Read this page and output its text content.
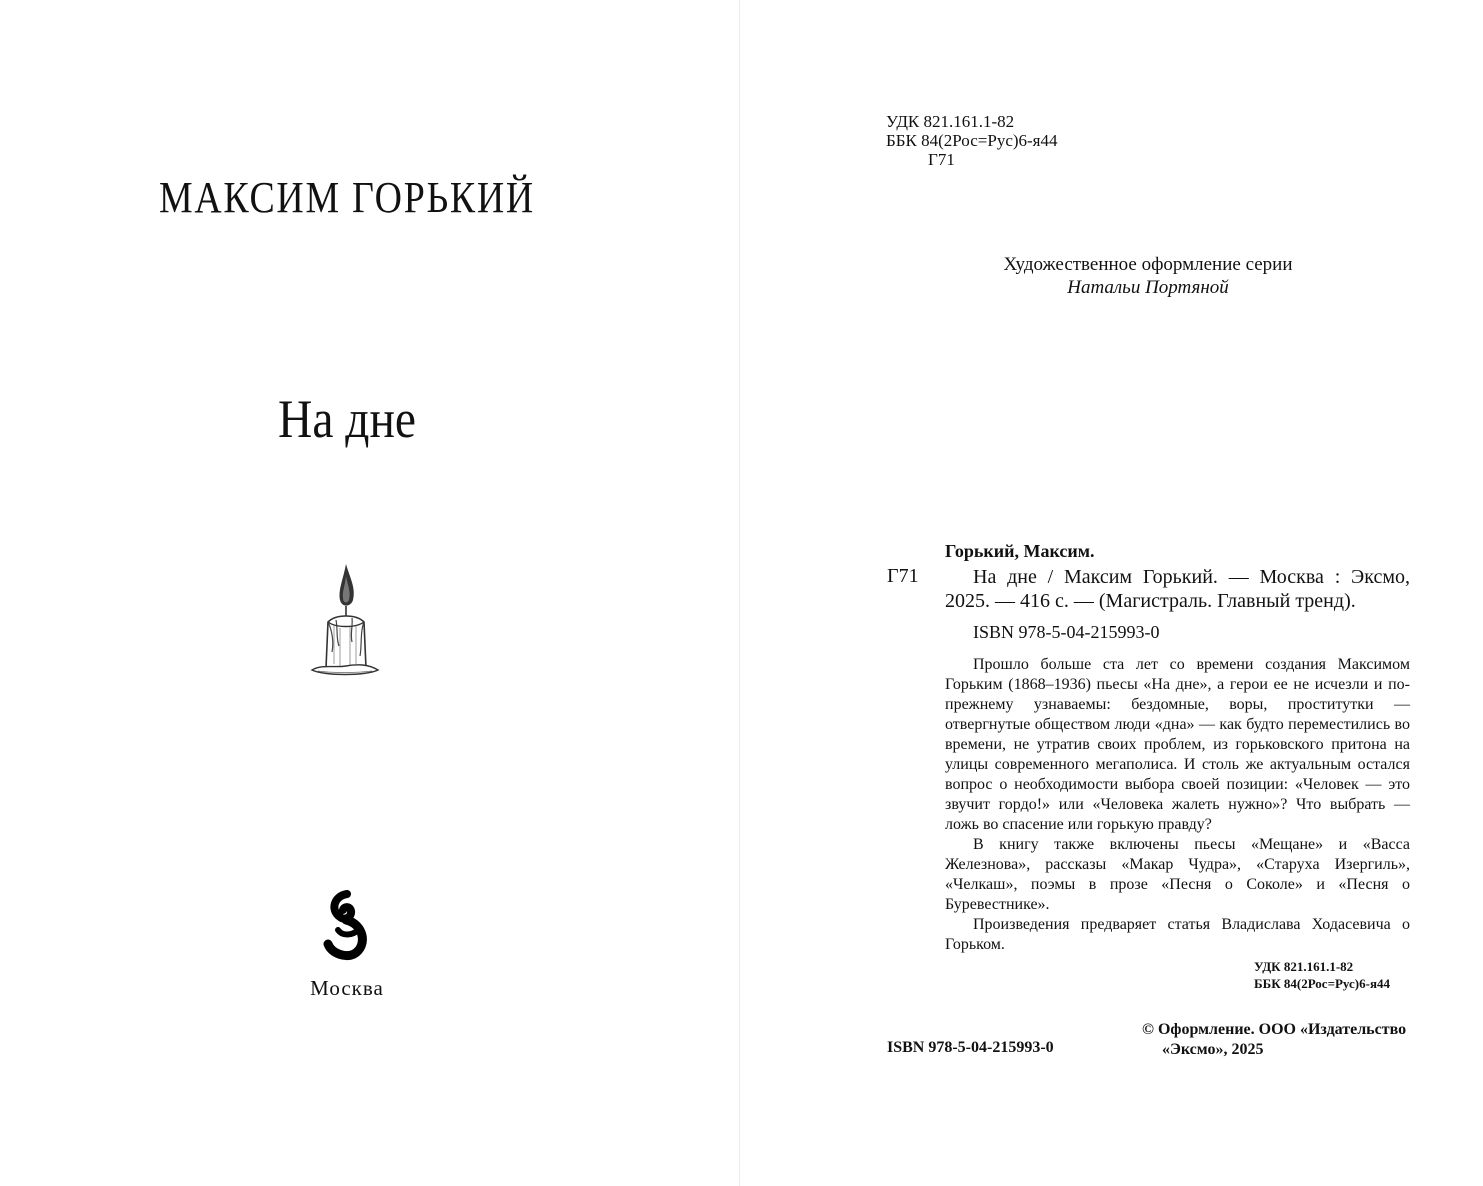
МАКСИМ ГОРЬКИЙ
На дне
Москва
УДК 821.161.1-82
ББК 84(2Рос=Рус)6-я44
Г71
Художественное оформление серии
Натальи Портяной
Горький, Максим.
Г71	На дне / Максим Горький. — Москва : Эксмо, 2025. — 416 с. — (Магистраль. Главный тренд).
ISBN 978-5-04-215993-0

Прошло больше ста лет со времени создания Максимом Горьким (1868–1936) пьесы «На дне», а герои ее не исчезли и по-прежнему узнаваемы: бездомные, воры, проститутки — отвергнутые обществом люди «дна» — как будто переместились во времени, не утратив своих проблем, из горьковского притона на улицы современного мегаполиса. И столь же актуальным остался вопрос о необходимости выбора своей позиции: «Человек — это звучит гордо!» или «Человека жалеть нужно»? Что выбрать — ложь во спасение или горькую правду?

В книгу также включены пьесы «Мещане» и «Васса Железнова», рассказы «Макар Чудра», «Старуха Изергиль», «Челкаш», поэмы в прозе «Песня о Соколе» и «Песня о Буревестнике».

Произведения предваряет статья Владислава Ходасевича о Горьком.

УДК 821.161.1-82
ББК 84(2Рос=Рус)6-я44
ISBN 978-5-04-215993-0
© Оформление. ООО «Издательство
«Эксмо», 2025
